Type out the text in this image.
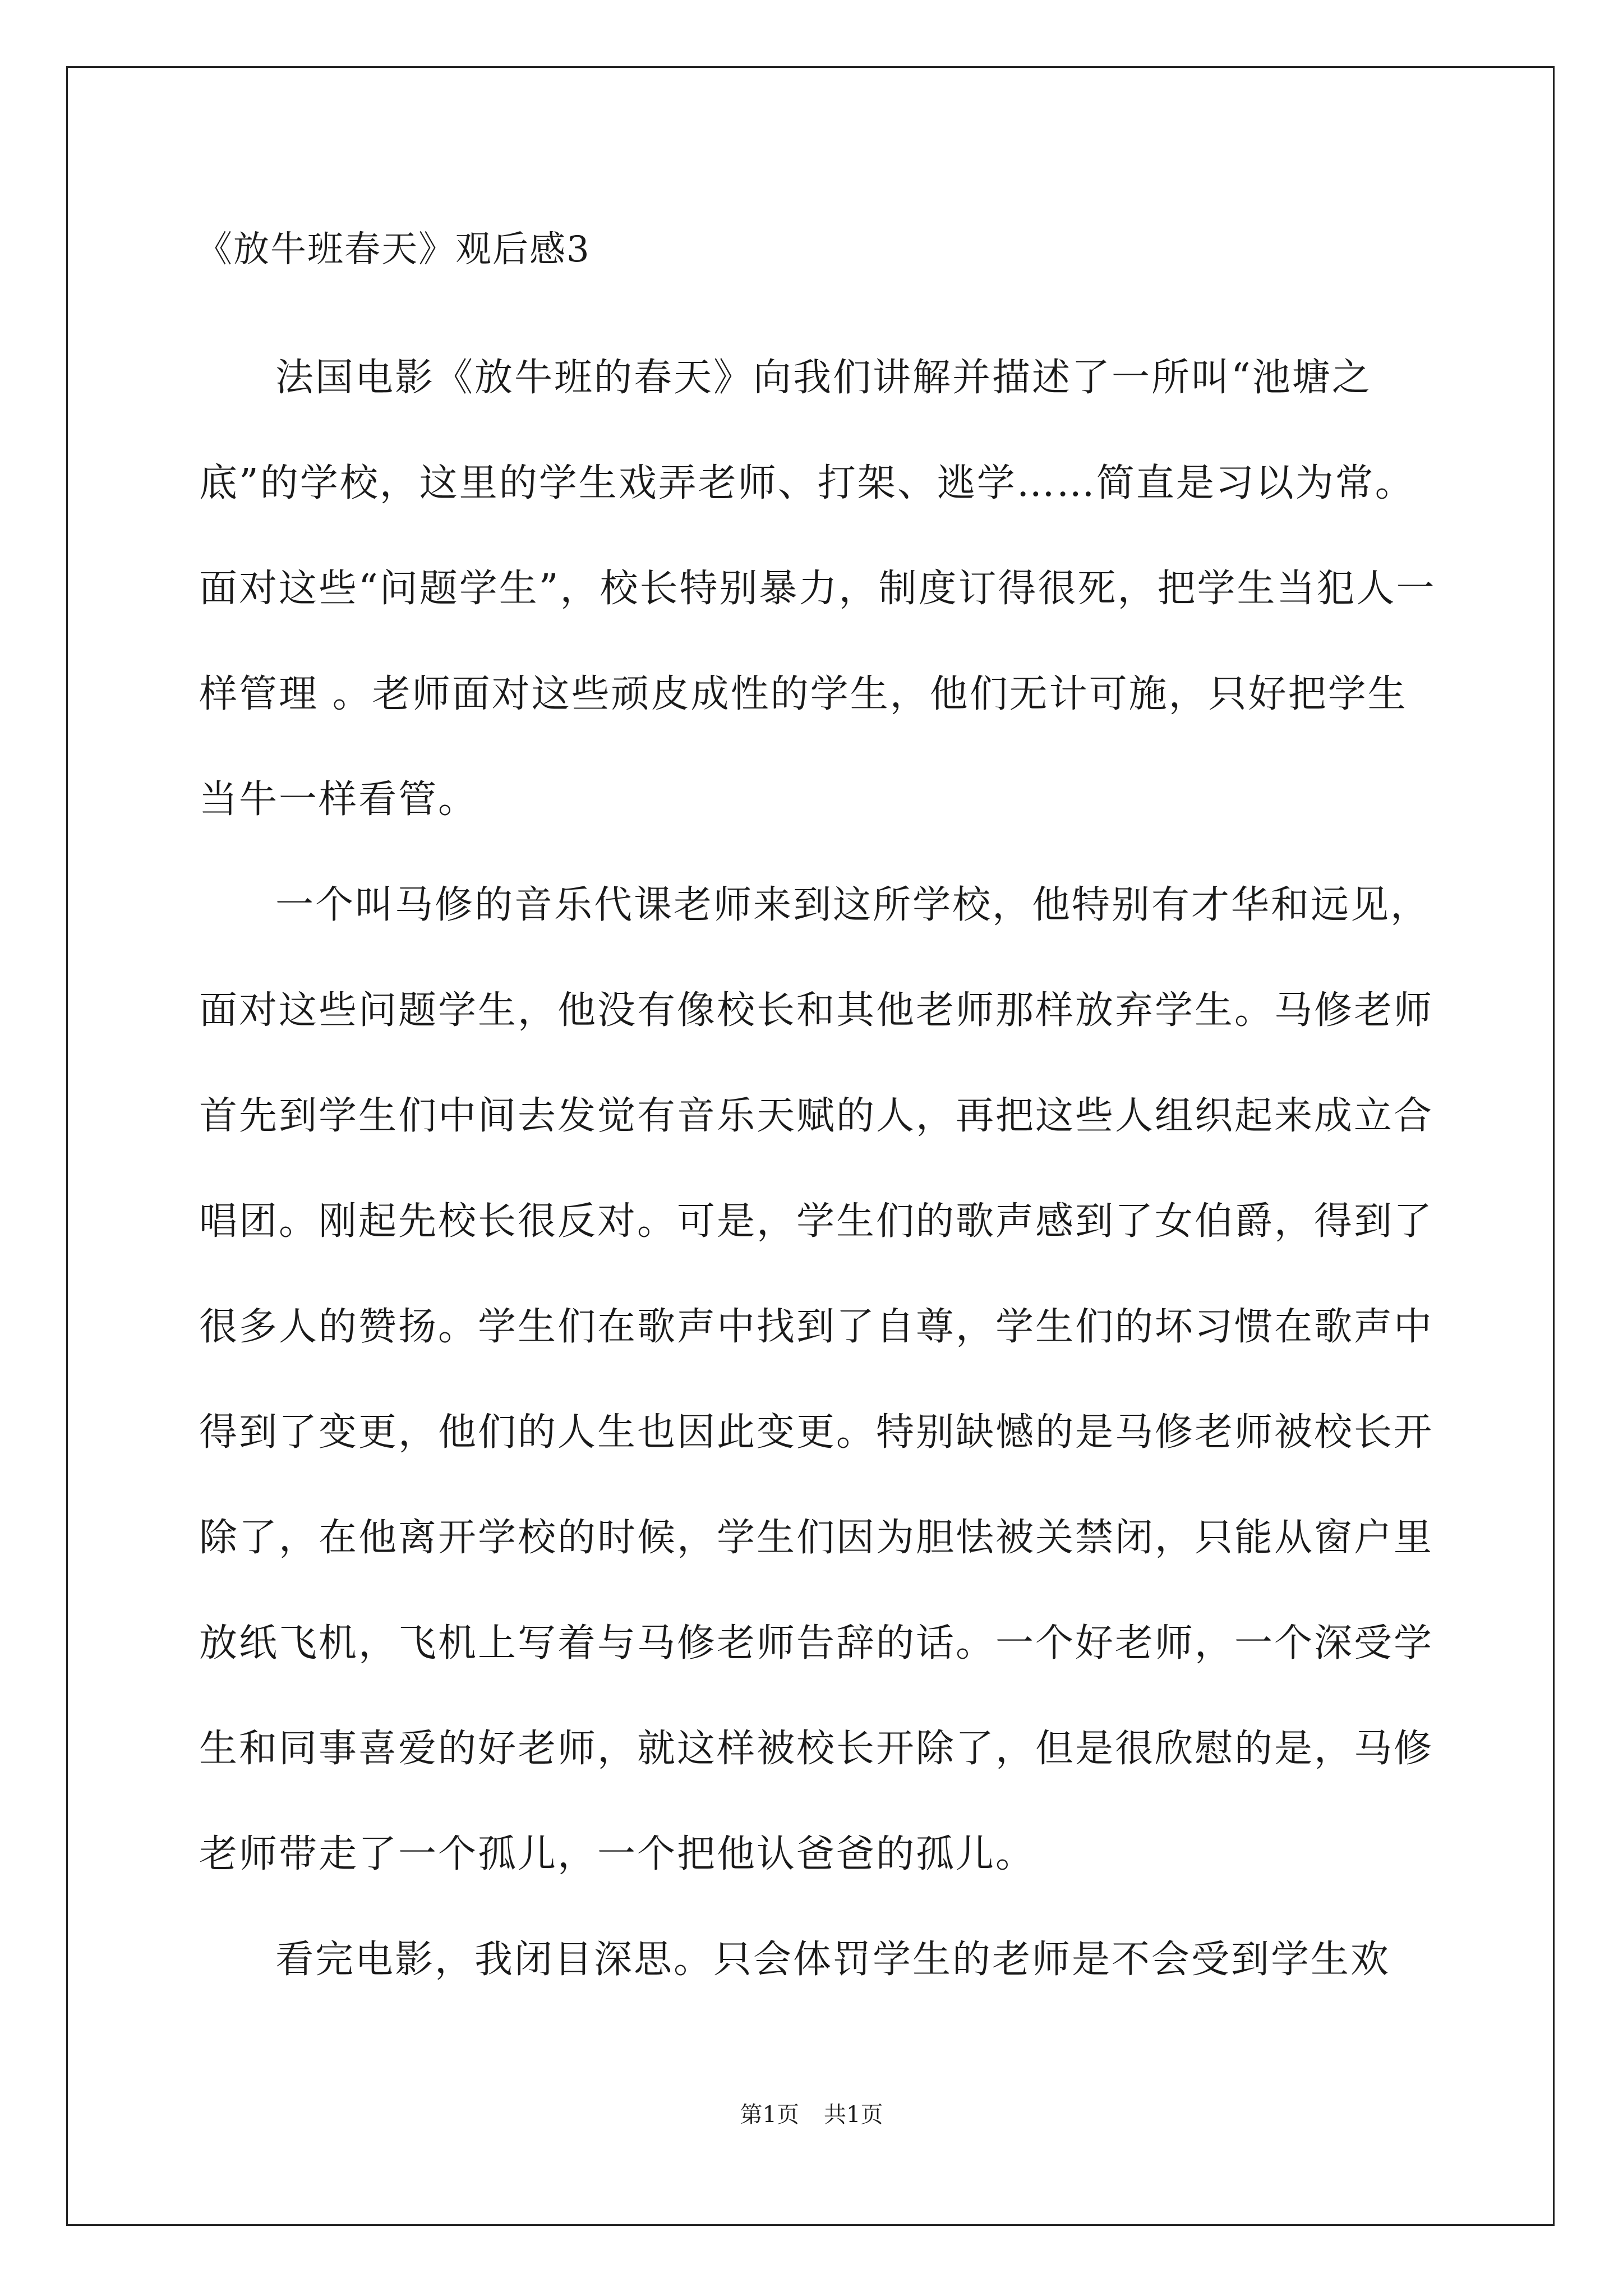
《放牛班春天》观后感3

法国电影《放牛班的春天》向我们讲解并描述了一所叫“池塘之底”的学校，这里的学生戏弄老师、打架、逃学……简直是习以为常。面对这些“问题学生”，校长特别暴力，制度订得很死，把学生当犯人一样管理 。老师面对这些顽皮成性的学生，他们无计可施，只好把学生当牛一样看管。

一个叫马修的音乐代课老师来到这所学校，他特别有才华和远见，面对这些问题学生，他没有像校长和其他老师那样放弃学生。马修老师首先到学生们中间去发觉有音乐天赋的人，再把这些人组织起来成立合唱团。刚起先校长很反对。可是，学生们的歌声感到了女伯爵，得到了很多人的赞扬。学生们在歌声中找到了自尊，学生们的坏习惯在歌声中得到了变更，他们的人生也因此变更。特别缺憾的是马修老师被校长开除了，在他离开学校的时候，学生们因为胆怯被关禁闭，只能从窗户里放纸飞机，飞机上写着与马修老师告辞的话。一个好老师，一个深受学生和同事喜爱的好老师，就这样被校长开除了，但是很欣慰的是，马修老师带走了一个孤儿，一个把他认爸爸的孤儿。

看完电影，我闭目深思。只会体罚学生的老师是不会受到学生欢

第1页 共1页
